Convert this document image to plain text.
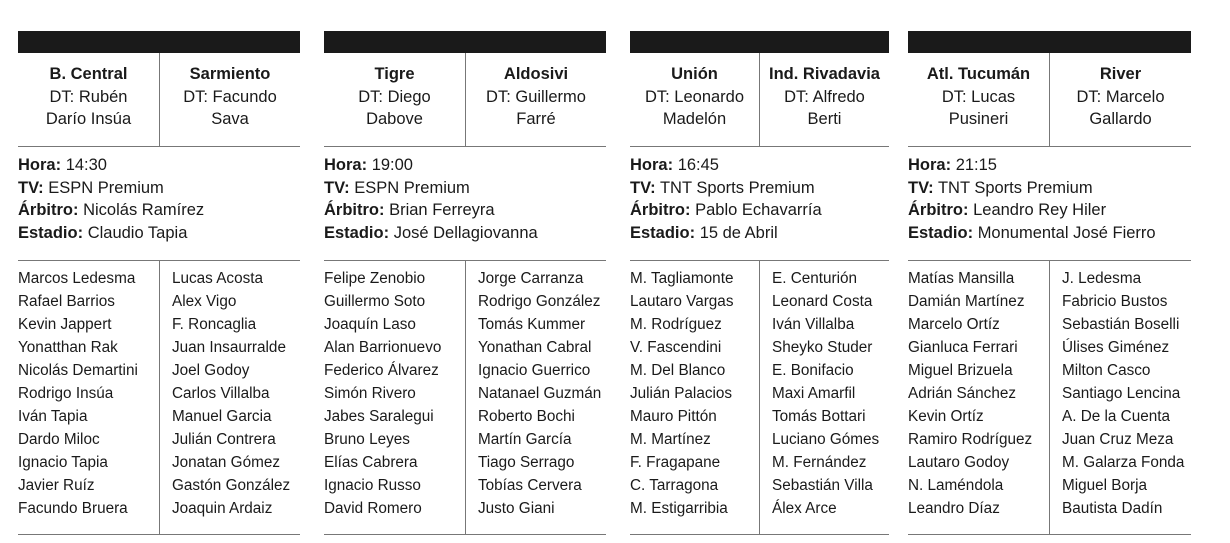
B. Central
DT: Rubén
Darío Insúa
Sarmiento
DT: Facundo
Sava
Hora: 14:30
TV: ESPN Premium
Árbitro: Nicolás Ramírez
Estadio: Claudio Tapia
Marcos Ledesma
Rafael Barrios
Kevin Jappert
Yonatthan Rak
Nicolás Demartini
Rodrigo Insúa
Iván Tapia
Dardo Miloc
Ignacio Tapia
Javier Ruíz
Facundo Bruera
Lucas Acosta
Alex Vigo
F. Roncaglia
Juan Insaurralde
Joel Godoy
Carlos Villalba
Manuel Garcia
Julián Contrera
Jonatan Gómez
Gastón González
Joaquin Ardaiz
Tigre
DT: Diego
Dabove
Aldosivi
DT: Guillermo
Farré
Hora: 19:00
TV: ESPN Premium
Árbitro: Brian Ferreyra
Estadio: José Dellagiovanna
Felipe Zenobio
Guillermo Soto
Joaquín Laso
Alan Barrionuevo
Federico Álvarez
Simón Rivero
Jabes Saralegui
Bruno Leyes
Elías Cabrera
Ignacio Russo
David Romero
Jorge Carranza
Rodrigo González
Tomás Kummer
Yonathan Cabral
Ignacio Guerrico
Natanael Guzmán
Roberto Bochi
Martín García
Tiago Serrago
Tobías Cervera
Justo Giani
Unión
DT: Leonardo
Madelón
Ind. Rivadavia
DT: Alfredo
Berti
Hora: 16:45
TV: TNT Sports Premium
Árbitro: Pablo Echavarría
Estadio: 15 de Abril
M. Tagliamonte
Lautaro Vargas
M. Rodríguez
V. Fascendini
M. Del Blanco
Julián Palacios
Mauro Pittón
M. Martínez
F. Fragapane
C. Tarragona
M. Estigarribia
E. Centurión
Leonard Costa
Iván Villalba
Sheyko Studer
E. Bonifacio
Maxi Amarfil
Tomás Bottari
Luciano Gómes
M. Fernández
Sebastián Villa
Álex Arce
Atl. Tucumán
DT: Lucas
Pusineri
River
DT: Marcelo
Gallardo
Hora: 21:15
TV: TNT Sports Premium
Árbitro: Leandro Rey Hiler
Estadio: Monumental José Fierro
Matías Mansilla
Damián Martínez
Marcelo Ortíz
Gianluca Ferrari
Miguel Brizuela
Adrián Sánchez
Kevin Ortíz
Ramiro Rodríguez
Lautaro Godoy
N. Laméndola
Leandro Díaz
J. Ledesma
Fabricio Bustos
Sebastián Boselli
Úlises Giménez
Milton Casco
Santiago Lencina
A. De la Cuenta
Juan Cruz Meza
M. Galarza Fonda
Miguel Borja
Bautista Dadín
